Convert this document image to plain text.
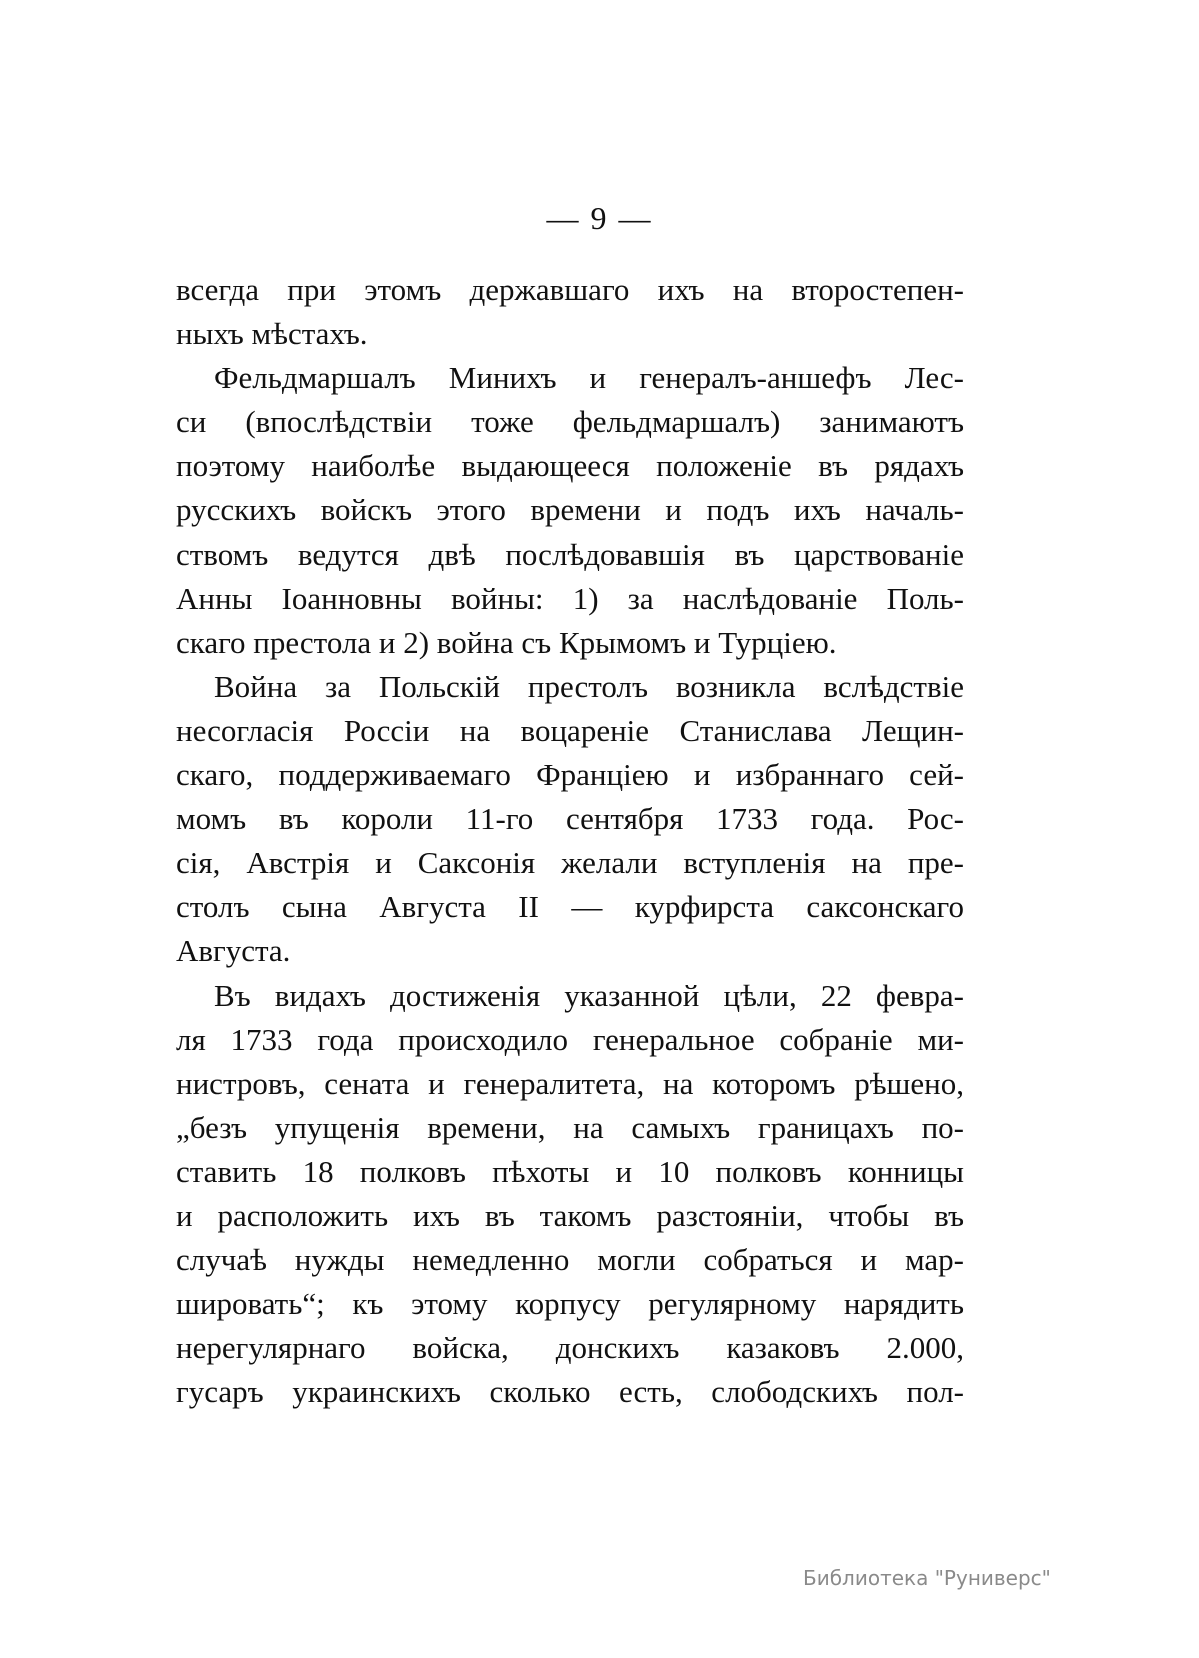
— 9 —
всегда при этомъ державшаго ихъ на второстепен-
ныхъ мѣстахъ.
Фельдмаршалъ Минихъ и генералъ-аншефъ Лес-
си (впослѣдствіи тоже фельдмаршалъ) занимаютъ
поэтому наиболѣе выдающееся положеніе въ рядахъ
русскихъ войскъ этого времени и подъ ихъ началь-
ствомъ ведутся двѣ послѣдовавшія въ царствованіе
Анны Іоанновны войны: 1) за наслѣдованіе Поль-
скаго престола и 2) война съ Крымомъ и Турціею.
Война за Польскій престолъ возникла вслѣдствіе
несогласія Россіи на воцареніе Станислава Лещин-
скаго, поддерживаемаго Франціею и избраннаго сей-
момъ въ короли 11-го сентября 1733 года. Рос-
сія, Австрія и Саксонія желали вступленія на пре-
столъ сына Августа II — курфирста саксонскаго
Августа.
Въ видахъ достиженія указанной цѣли, 22 февра-
ля 1733 года происходило генеральное собраніе ми-
нистровъ, сената и генералитета, на которомъ рѣшено,
„безъ упущенія времени, на самыхъ границахъ по-
ставить 18 полковъ пѣхоты и 10 полковъ конницы
и расположить ихъ въ такомъ разстояніи, чтобы въ
случаѣ нужды немедленно могли собраться и мар-
шировать“; къ этому корпусу регулярному нарядить
нерегулярнаго войска, донскихъ казаковъ 2.000,
гусаръ украинскихъ сколько есть, слободскихъ пол-
Библиотека "Руниверс"
